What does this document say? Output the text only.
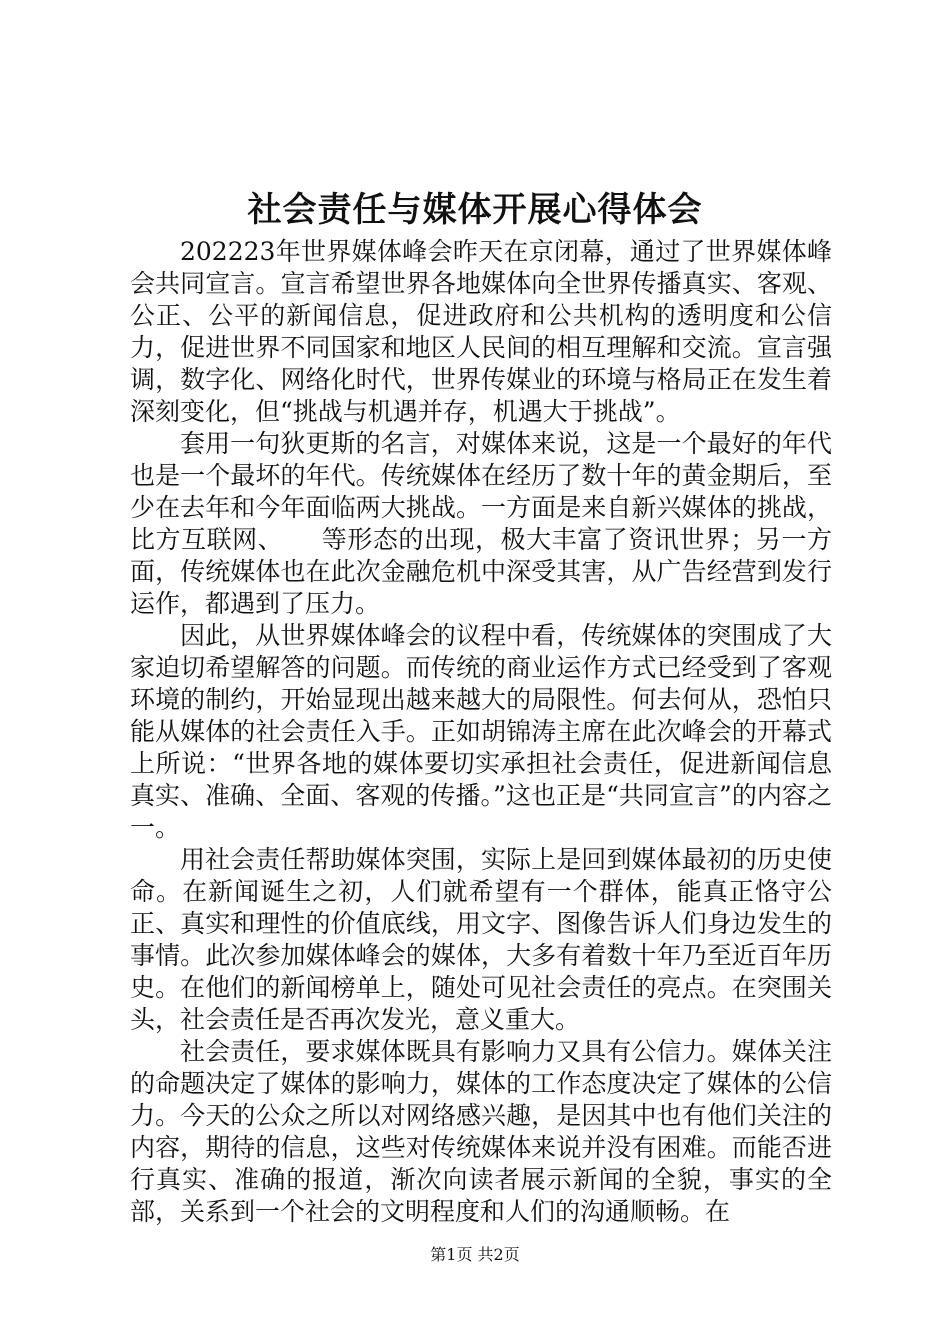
社会责任与媒体开展心得体会

202223年世界媒体峰会昨天在京闭幕，通过了世界媒体峰会共同宣言。宣言希望世界各地媒体向全世界传播真实、客观、公正、公平的新闻信息，促进政府和公共机构的透明度和公信力，促进世界不同国家和地区人民间的相互理解和交流。宣言强调，数字化、网络化时代，世界传媒业的环境与格局正在发生着深刻变化，但“挑战与机遇并存，机遇大于挑战”。

套用一句狄更斯的名言，对媒体来说，这是一个最好的年代也是一个最坏的年代。传统媒体在经历了数十年的黄金期后，至少在去年和今年面临两大挑战。一方面是来自新兴媒体的挑战，比方互联网、　　等形态的出现，极大丰富了资讯世界；另一方面，传统媒体也在此次金融危机中深受其害，从广告经营到发行运作，都遇到了压力。

因此，从世界媒体峰会的议程中看，传统媒体的突围成了大家迫切希望解答的问题。而传统的商业运作方式已经受到了客观环境的制约，开始显现出越来越大的局限性。何去何从，恐怕只能从媒体的社会责任入手。正如胡锦涛主席在此次峰会的开幕式上所说：“世界各地的媒体要切实承担社会责任，促进新闻信息真实、准确、全面、客观的传播。”这也正是“共同宣言”的内容之一。

用社会责任帮助媒体突围，实际上是回到媒体最初的历史使命。在新闻诞生之初，人们就希望有一个群体，能真正恪守公正、真实和理性的价值底线，用文字、图像告诉人们身边发生的事情。此次参加媒体峰会的媒体，大多有着数十年乃至近百年历史。在他们的新闻榜单上，随处可见社会责任的亮点。在突围关头，社会责任是否再次发光，意义重大。

社会责任，要求媒体既具有影响力又具有公信力。媒体关注的命题决定了媒体的影响力，媒体的工作态度决定了媒体的公信力。今天的公众之所以对网络感兴趣，是因其中也有他们关注的内容，期待的信息，这些对传统媒体来说并没有困难。而能否进行真实、准确的报道，渐次向读者展示新闻的全貌，事实的全部，关系到一个社会的文明程度和人们的沟通顺畅。在

第1页 共2页
